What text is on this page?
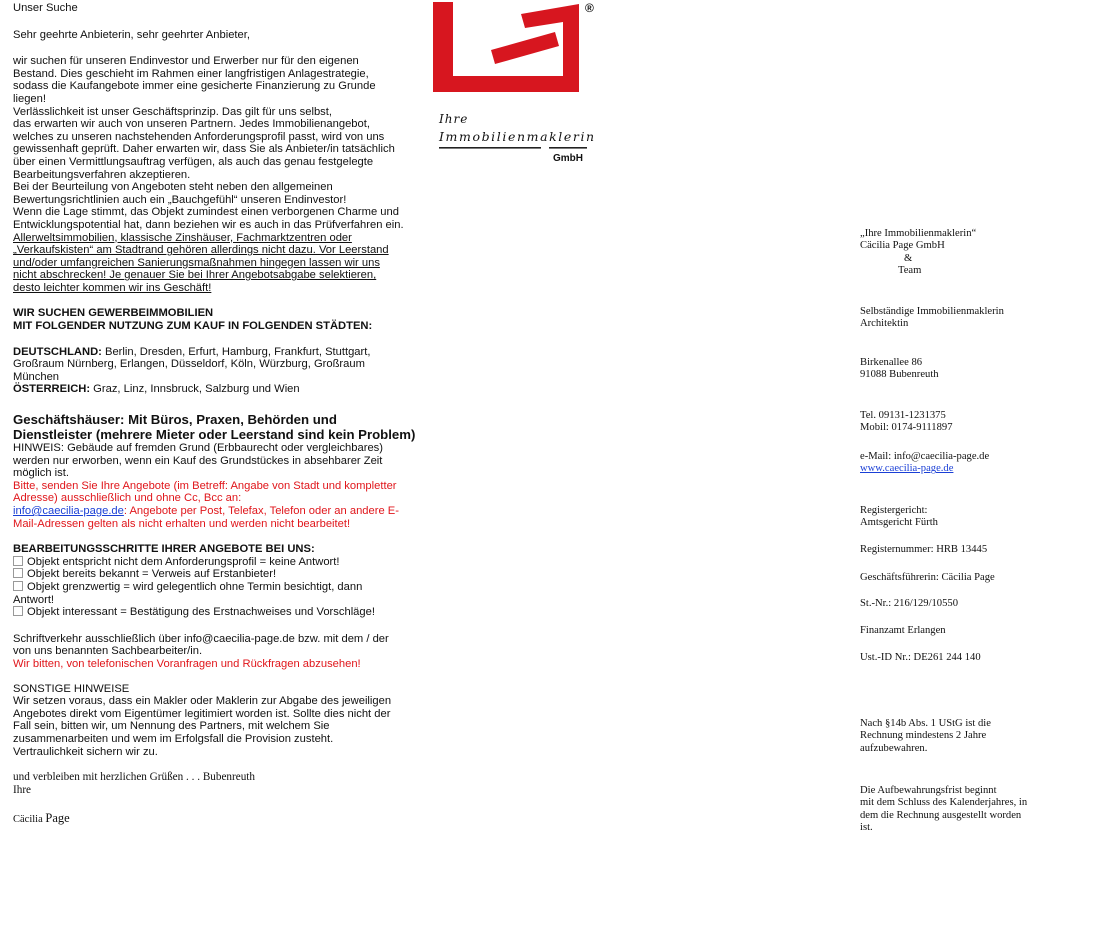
Unser Suche

Sehr geehrte Anbieterin, sehr geehrter Anbieter,

wir suchen für unseren Endinvestor und Erwerber nur für den eigenen

Bestand. Dies geschieht im Rahmen einer langfristigen Anlagestrategie,

sodass die Kaufangebote immer eine gesicherte Finanzierung zu Grunde

liegen!

Verlässlichkeit ist unser Geschäftsprinzip. Das gilt für uns selbst,

das erwarten wir auch von unseren Partnern. Jedes Immobilienangebot,

welches zu unseren nachstehenden Anforderungsprofil passt, wird von uns

gewissenhaft geprüft. Daher erwarten wir, dass Sie als Anbieter/in tatsächlich

über einen Vermittlungsauftrag verfügen, als auch das genau festgelegte

Bearbeitungsverfahren akzeptieren.

Bei der Beurteilung von Angeboten steht neben den allgemeinen

Bewertungsrichtlinien auch ein „Bauchgefühl“ unseren Endinvestor!

Wenn die Lage stimmt, das Objekt zumindest einen verborgenen Charme und

Entwicklungspotential hat, dann beziehen wir es auch in das Prüfverfahren ein.

Allerweltsimmobilien, klassische Zinshäuser, Fachmarktzentren oder

„Verkaufskisten“ am Stadtrand gehören allerdings nicht dazu. Vor Leerstand

und/oder umfangreichen Sanierungsmaßnahmen hingegen lassen wir uns

nicht abschrecken! Je genauer Sie bei Ihrer Angebotsabgabe selektieren,

desto leichter kommen wir ins Geschäft!

WIR SUCHEN GEWERBEIMMOBILIEN

MIT FOLGENDER NUTZUNG ZUM KAUF IN FOLGENDEN STÄDTEN:

DEUTSCHLAND: Berlin, Dresden, Erfurt, Hamburg, Frankfurt, Stuttgart,

Großraum Nürnberg, Erlangen, Düsseldorf, Köln, Würzburg, Großraum

München

ÖSTERREICH: Graz, Linz, Innsbruck, Salzburg und Wien

Geschäftshäuser: Mit Büros, Praxen, Behörden und

Dienstleister (mehrere Mieter oder Leerstand sind kein Problem)

HINWEIS: Gebäude auf fremden Grund (Erbbaurecht oder vergleichbares)

werden nur erworben, wenn ein Kauf des Grundstückes in absehbarer Zeit

möglich ist.

Bitte, senden Sie Ihre Angebote (im Betreff: Angabe von Stadt und kompletter

Adresse) ausschließlich und ohne Cc, Bcc an:

info@caecilia-page.de: Angebote per Post, Telefax, Telefon oder an andere E-

Mail-Adressen gelten als nicht erhalten und werden nicht bearbeitet!

BEARBEITUNGSSCHRITTE IHRER ANGEBOTE BEI UNS:

Objekt entspricht nicht dem Anforderungsprofil = keine Antwort!

Objekt bereits bekannt = Verweis auf Erstanbieter!

Objekt grenzwertig = wird gelegentlich ohne Termin besichtigt, dann

Antwort!

Objekt interessant = Bestätigung des Erstnachweises und Vorschläge!

Schriftverkehr ausschließlich über info@caecilia-page.de bzw. mit dem / der

von uns benannten Sachbearbeiter/in.

Wir bitten, von telefonischen Voranfragen und Rückfragen abzusehen!

SONSTIGE HINWEISE

Wir setzen voraus, dass ein Makler oder Maklerin zur Abgabe des jeweiligen

Angebotes direkt vom Eigentümer legitimiert worden ist. Sollte dies nicht der

Fall sein, bitten wir, um Nennung des Partners, mit welchem Sie

zusammenarbeiten und wem im Erfolgsfall die Provision zusteht.

Vertraulichkeit sichern wir zu.

und verbleiben mit herzlichen Grüßen . . . Bubenreuth

Ihre

Cäcilia Page

®
Ihre
Immobilienmaklerin
GmbH

„Ihre Immobilienmaklerin“

Cäcilia Page GmbH

&

Team

Selbständige Immobilienmaklerin

Architektin

Birkenallee 86

91088 Bubenreuth

Tel. 09131-1231375

Mobil: 0174-9111897

e-Mail: info@caecilia-page.de

www.caecilia-page.de

Registergericht:

Amtsgericht Fürth

Registernummer: HRB 13445

Geschäftsführerin: Cäcilia Page

St.-Nr.: 216/129/10550

Finanzamt Erlangen

Ust.-ID Nr.: DE261 244 140

Nach §14b Abs. 1 UStG ist die

Rechnung mindestens 2 Jahre

aufzubewahren.

Die Aufbewahrungsfrist beginnt

mit dem Schluss des Kalenderjahres, in

dem die Rechnung ausgestellt worden

ist.
